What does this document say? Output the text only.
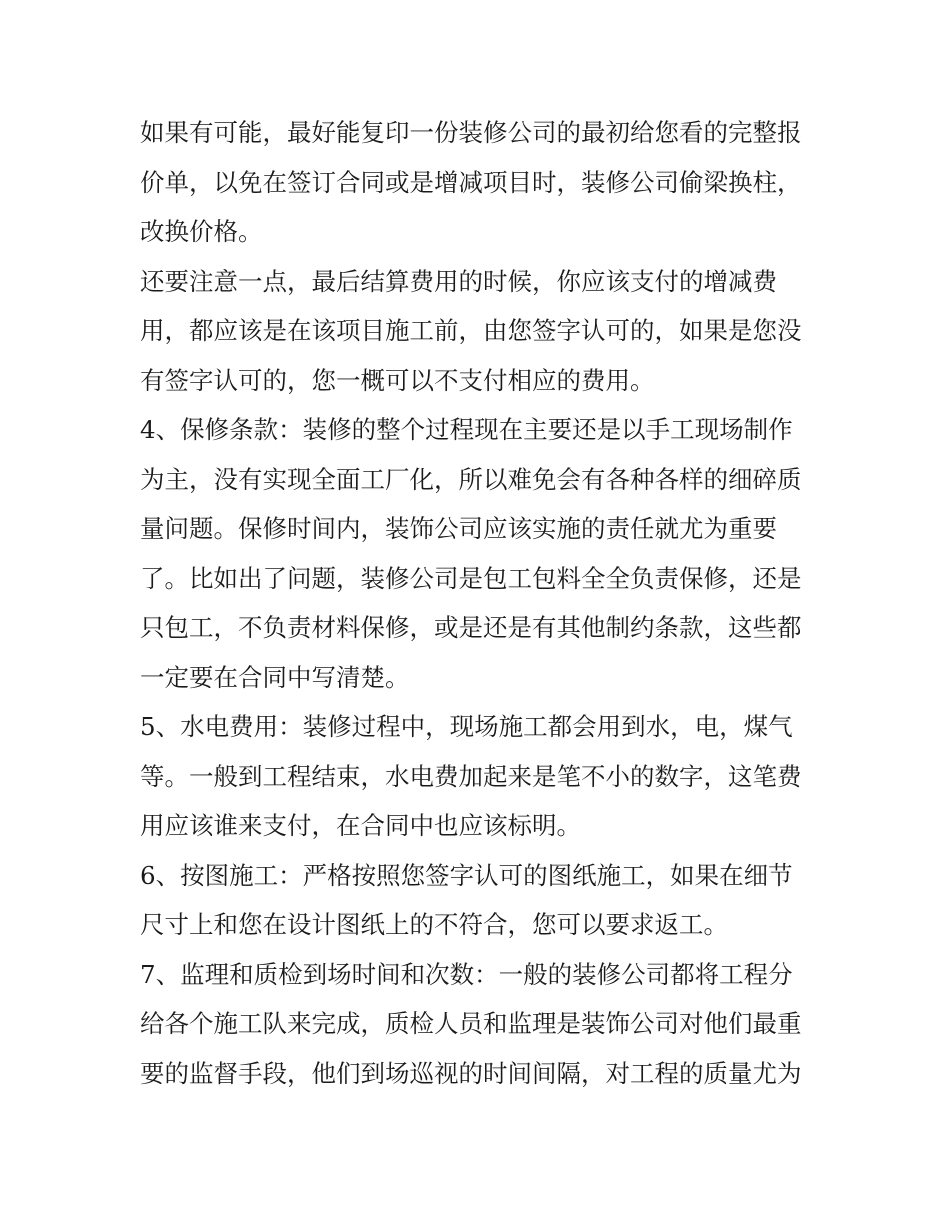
如果有可能，最好能复印一份装修公司的最初给您看的完整报
价单，以免在签订合同或是增减项目时，装修公司偷梁换柱，
改换价格。
还要注意一点，最后结算费用的时候，你应该支付的增减费
用，都应该是在该项目施工前，由您签字认可的，如果是您没
有签字认可的，您一概可以不支付相应的费用。
4、保修条款：装修的整个过程现在主要还是以手工现场制作
为主，没有实现全面工厂化，所以难免会有各种各样的细碎质
量问题。保修时间内，装饰公司应该实施的责任就尤为重要
了。比如出了问题，装修公司是包工包料全全负责保修，还是
只包工，不负责材料保修，或是还是有其他制约条款，这些都
一定要在合同中写清楚。
5、水电费用：装修过程中，现场施工都会用到水，电，煤气
等。一般到工程结束，水电费加起来是笔不小的数字，这笔费
用应该谁来支付，在合同中也应该标明。
6、按图施工：严格按照您签字认可的图纸施工，如果在细节
尺寸上和您在设计图纸上的不符合，您可以要求返工。
7、监理和质检到场时间和次数：一般的装修公司都将工程分
给各个施工队来完成，质检人员和监理是装饰公司对他们最重
要的监督手段，他们到场巡视的时间间隔，对工程的质量尤为
